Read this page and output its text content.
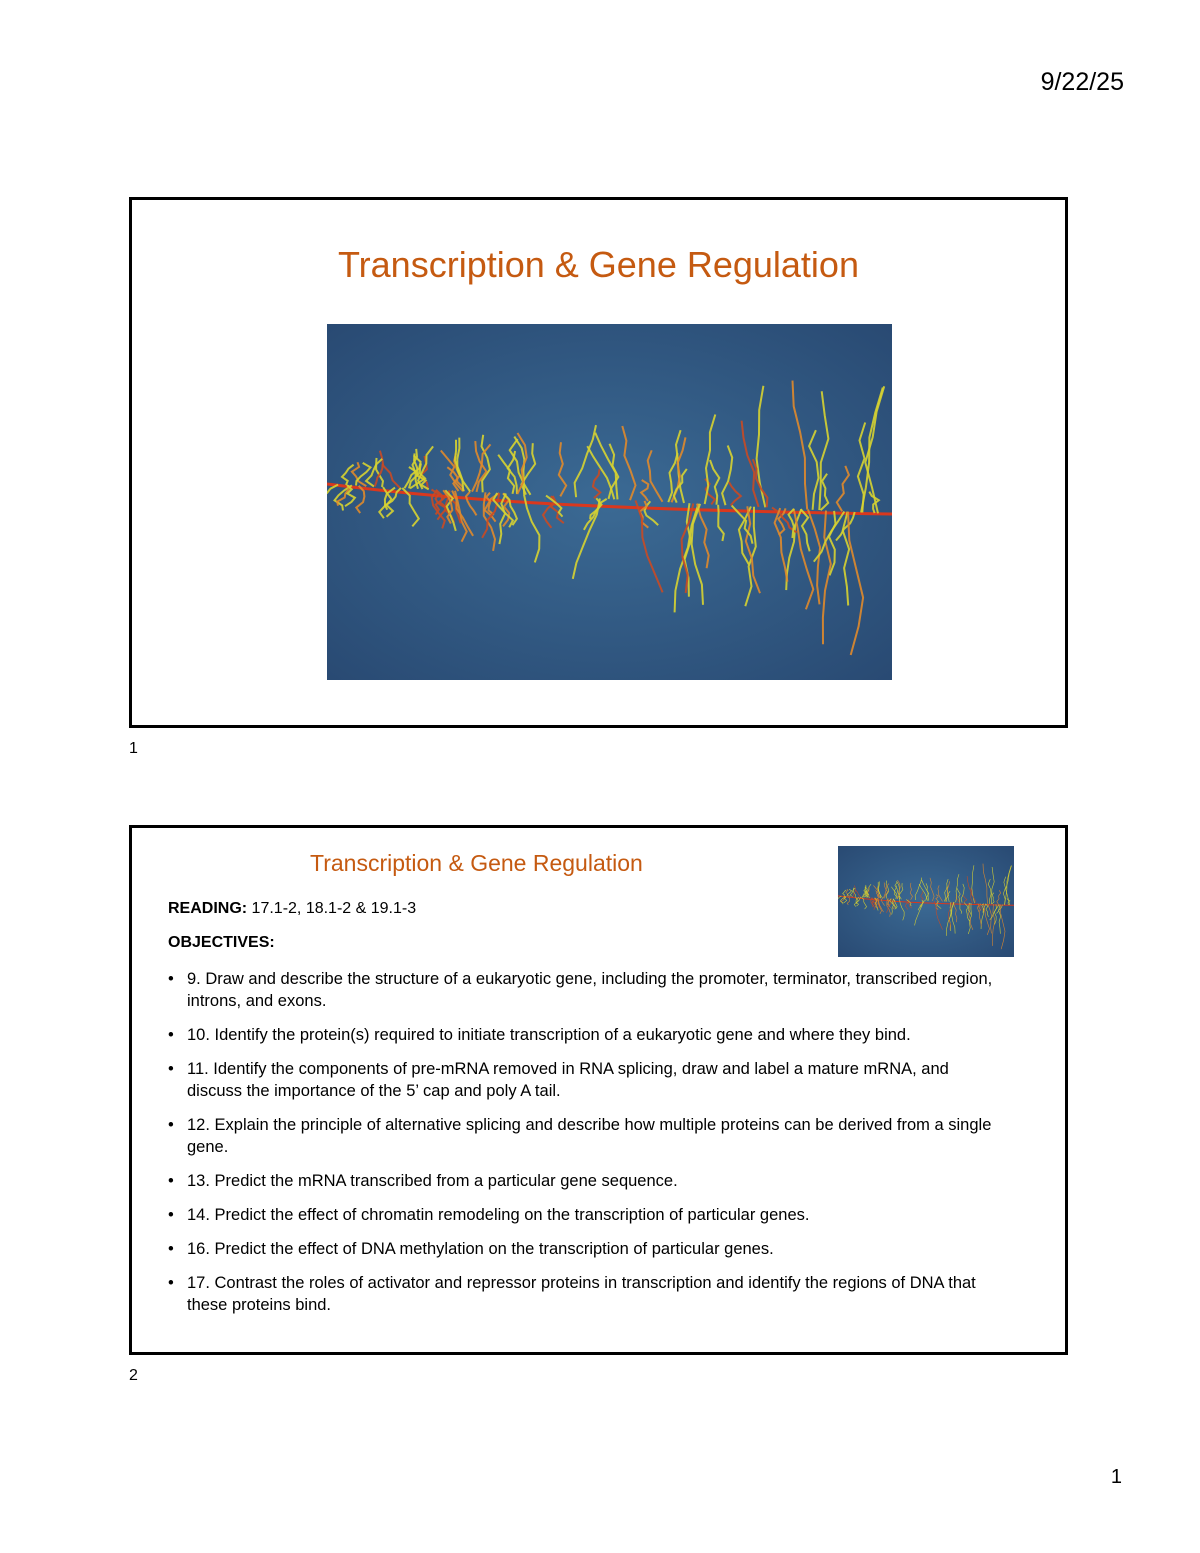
9/22/25
Transcription & Gene Regulation
1
Transcription & Gene Regulation
READING: 17.1-2, 18.1-2 & 19.1-3
OBJECTIVES:
• 9. Draw and describe the structure of a eukaryotic gene, including the promoter, terminator, transcribed region, introns, and exons.
• 10. Identify the protein(s) required to initiate transcription of a eukaryotic gene and where they bind.
• 11. Identify the components of pre-mRNA removed in RNA splicing, draw and label a mature mRNA, and discuss the importance of the 5’ cap and poly A tail.
• 12. Explain the principle of alternative splicing and describe how multiple proteins can be derived from a single gene.
• 13. Predict the mRNA transcribed from a particular gene sequence.
• 14. Predict the effect of chromatin remodeling on the transcription of particular genes.
• 16. Predict the effect of DNA methylation on the transcription of particular genes.
• 17. Contrast the roles of activator and repressor proteins in transcription and identify the regions of DNA that these proteins bind.
2
1
